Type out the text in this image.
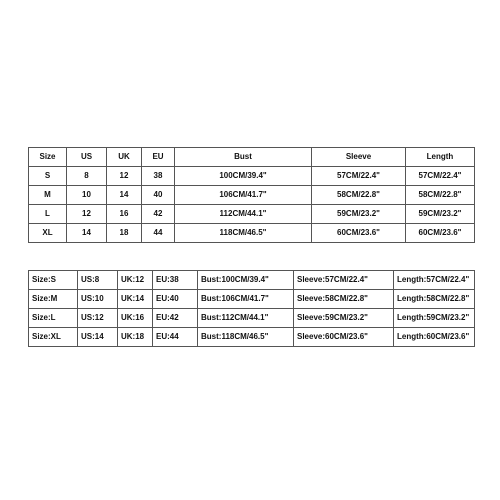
Size	US	UK	EU	Bust	Sleeve	Length
S	8	12	38	100CM/39.4"	57CM/22.4"	57CM/22.4"
M	10	14	40	106CM/41.7"	58CM/22.8"	58CM/22.8"
L	12	16	42	112CM/44.1"	59CM/23.2"	59CM/23.2"
XL	14	18	44	118CM/46.5"	60CM/23.6"	60CM/23.6"
Size:S	US:8	UK:12	EU:38	Bust:100CM/39.4"	Sleeve:57CM/22.4"	Length:57CM/22.4"
Size:M	US:10	UK:14	EU:40	Bust:106CM/41.7"	Sleeve:58CM/22.8"	Length:58CM/22.8"
Size:L	US:12	UK:16	EU:42	Bust:112CM/44.1"	Sleeve:59CM/23.2"	Length:59CM/23.2"
Size:XL	US:14	UK:18	EU:44	Bust:118CM/46.5"	Sleeve:60CM/23.6"	Length:60CM/23.6"
